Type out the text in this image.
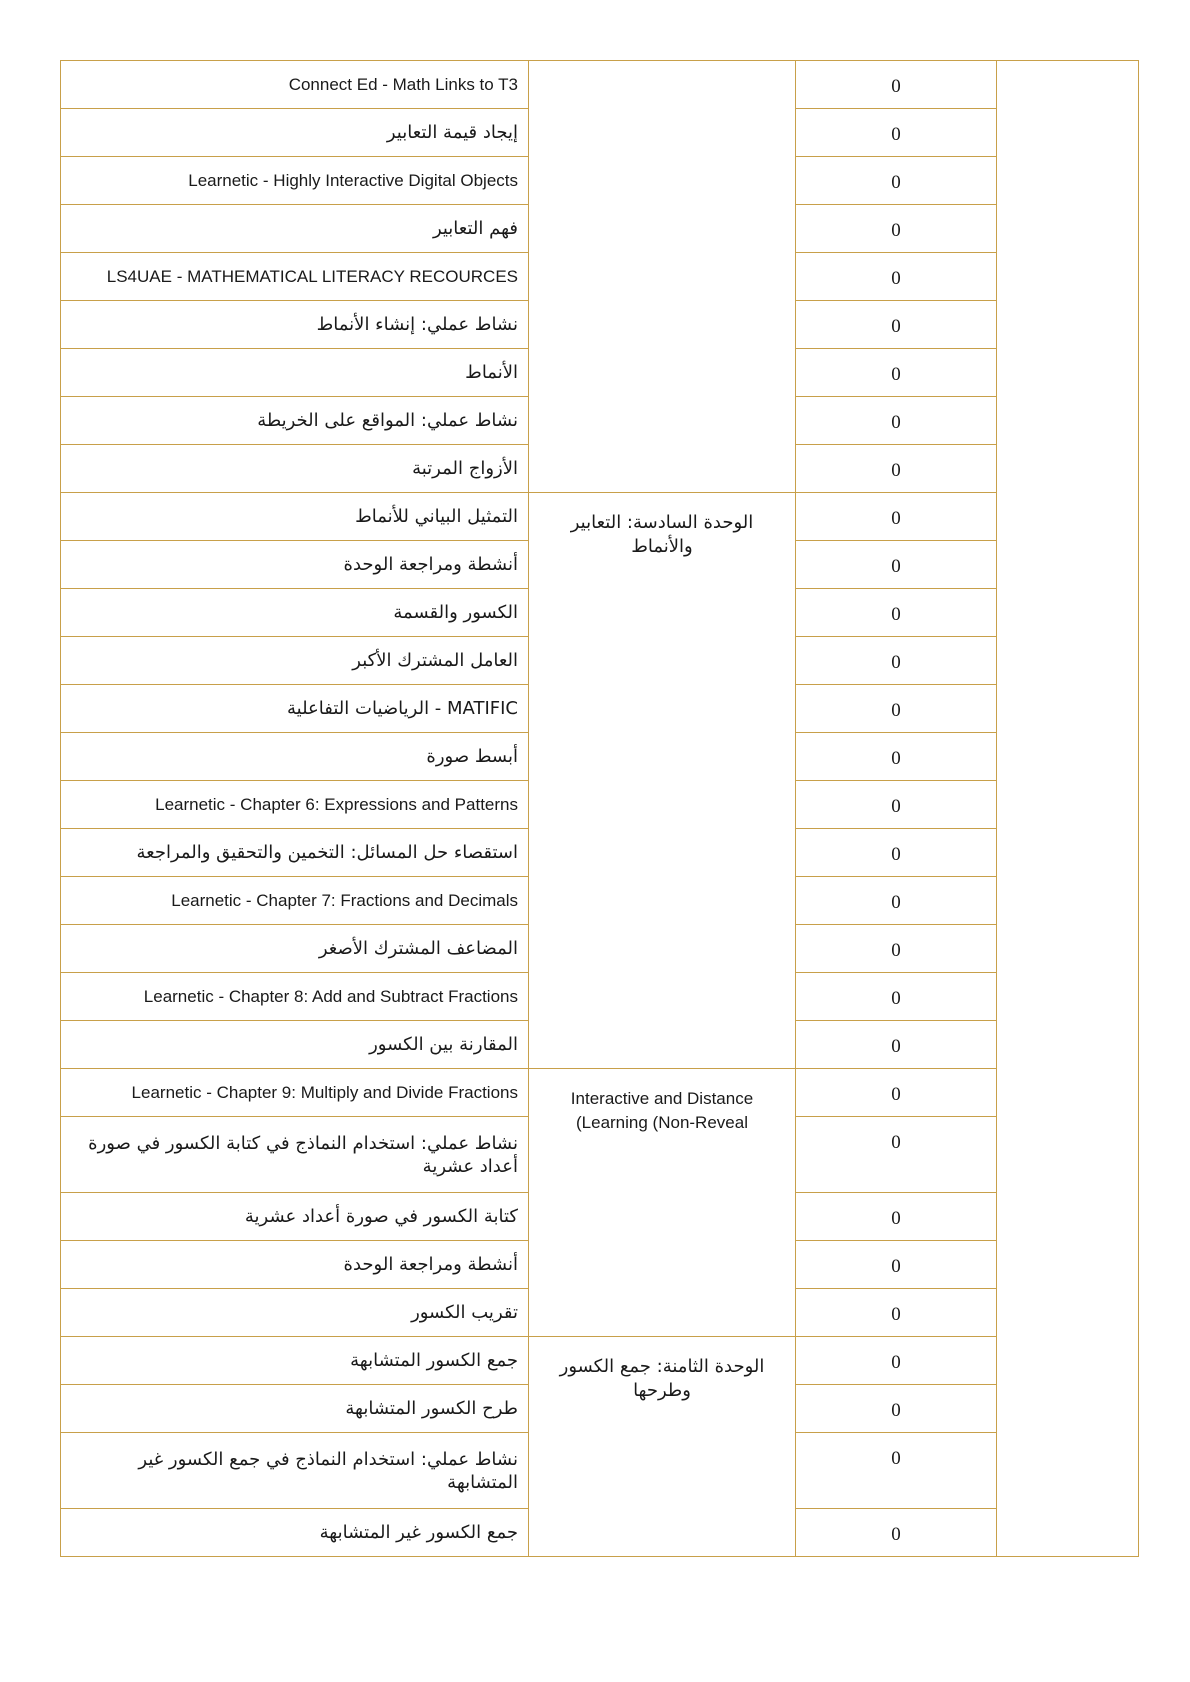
Connect Ed - Math Links to T3		0	
إيجاد قيمة التعابير		0	
Learnetic - Highly Interactive Digital Objects		0	
فهم التعابير		0	
LS4UAE - MATHEMATICAL LITERACY RECOURCES		0	
نشاط عملي: إنشاء الأنماط		0	
الأنماط		0	
نشاط عملي: المواقع على الخريطة		0	
الأزواج المرتبة		0	
التمثيل البياني للأنماط	الوحدة السادسة: التعابير والأنماط	0	
أنشطة ومراجعة الوحدة		0	
الكسور والقسمة		0	
العامل المشترك الأكبر		0	
MATIFIC - الرياضيات التفاعلية		0	
أبسط صورة		0	
Learnetic - Chapter 6: Expressions and Patterns		0	
استقصاء حل المسائل: التخمين والتحقيق والمراجعة		0	
Learnetic - Chapter 7: Fractions and Decimals		0	
المضاعف المشترك الأصغر		0	
Learnetic - Chapter 8: Add and Subtract Fractions		0	
المقارنة بين الكسور		0	
Learnetic - Chapter 9: Multiply and Divide Fractions	Interactive and Distance (Learning (Non-Reveal	0	
نشاط عملي: استخدام النماذج في كتابة الكسور في صورة أعداد عشرية		0	
كتابة الكسور في صورة أعداد عشرية		0	
أنشطة ومراجعة الوحدة		0	
تقريب الكسور		0	
جمع الكسور المتشابهة	الوحدة الثامنة: جمع الكسور وطرحها	0	
طرح الكسور المتشابهة		0	
نشاط عملي: استخدام النماذج في جمع الكسور غير المتشابهة		0	
جمع الكسور غير المتشابهة		0	
